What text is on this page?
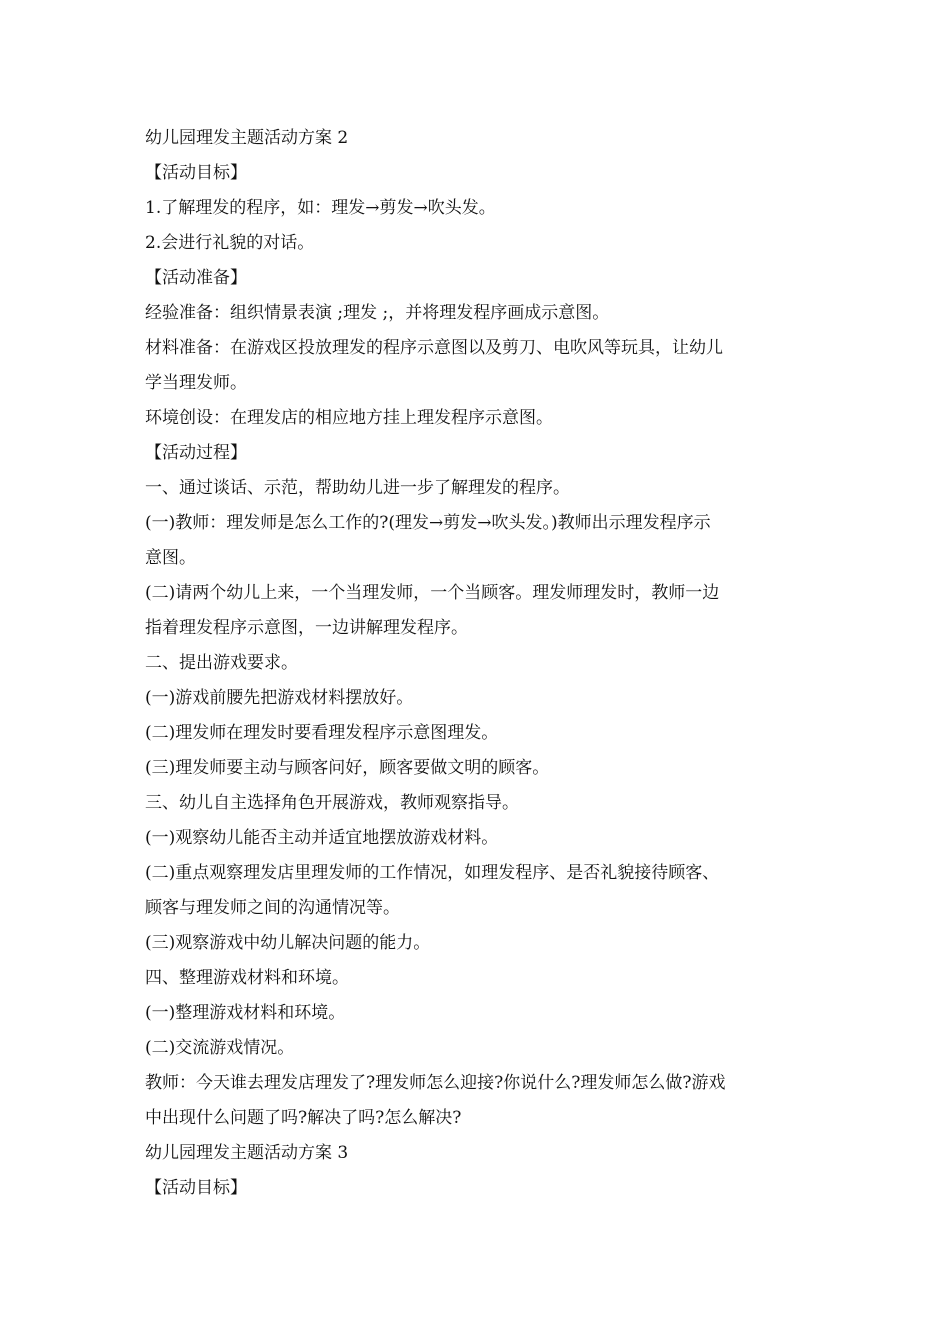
幼儿园理发主题活动方案 2

【活动目标】

1.了解理发的程序，如：理发→剪发→吹头发。

2.会进行礼貌的对话。

【活动准备】

经验准备：组织情景表演 ;理发 ;，并将理发程序画成示意图。

材料准备：在游戏区投放理发的程序示意图以及剪刀、电吹风等玩具，让幼儿

学当理发师。

环境创设：在理发店的相应地方挂上理发程序示意图。

【活动过程】

一、通过谈话、示范，帮助幼儿进一步了解理发的程序。

(一)教师：理发师是怎么工作的?(理发→剪发→吹头发。)教师出示理发程序示

意图。

(二)请两个幼儿上来，一个当理发师，一个当顾客。理发师理发时，教师一边

指着理发程序示意图，一边讲解理发程序。

二、提出游戏要求。

(一)游戏前腰先把游戏材料摆放好。

(二)理发师在理发时要看理发程序示意图理发。

(三)理发师要主动与顾客问好，顾客要做文明的顾客。

三、幼儿自主选择角色开展游戏，教师观察指导。

(一)观察幼儿能否主动并适宜地摆放游戏材料。

(二)重点观察理发店里理发师的工作情况，如理发程序、是否礼貌接待顾客、

顾客与理发师之间的沟通情况等。

(三)观察游戏中幼儿解决问题的能力。

四、整理游戏材料和环境。

(一)整理游戏材料和环境。

(二)交流游戏情况。

教师：今天谁去理发店理发了?理发师怎么迎接?你说什么?理发师怎么做?游戏

中出现什么问题了吗?解决了吗?怎么解决?

幼儿园理发主题活动方案 3

【活动目标】
